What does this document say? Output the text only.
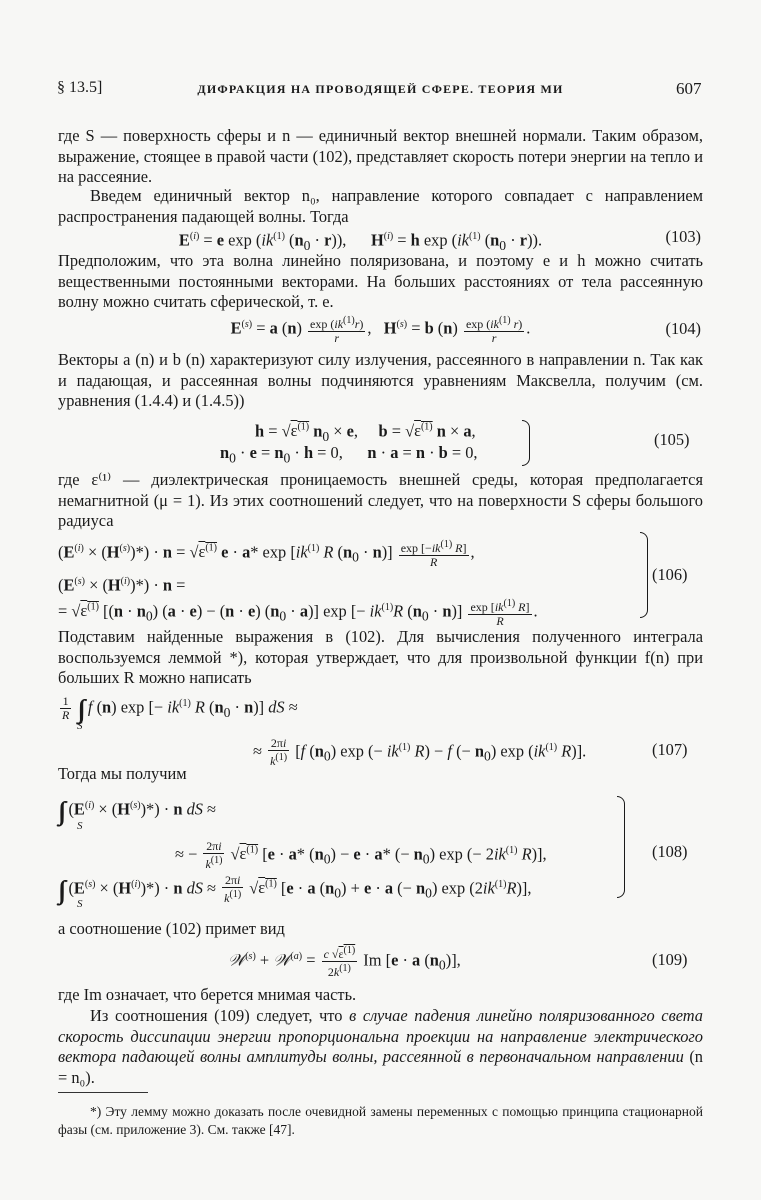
§ 13.5]	ДИФРАКЦИЯ НА ПРОВОДЯЩЕЙ СФЕРЕ. ТЕОРИЯ МИ	607

где S — поверхность сферы и n — единичный вектор внешней нормали. Таким образом, выражение, стоящее в правой части (102), представляет скорость потери энергии на тепло и на рассеяние.

Введем единичный вектор n₀, направление которого совпадает с направлением распространения падающей волны. Тогда

$E^{(i)} = e$ $\exp (ik^{(1)}$ $(n_0 \cdot r)$),      $H^{(i)} = h$ $\exp (ik^{(1)}$ $(n_0 \cdot r)$).	(103)

Предположим, что эта волна линейно поляризована, и поэтому e и h можно считать вещественными постоянными векторами. На больших расстояниях от тела рассеянную волну можно считать сферической, т. е.

$E^{(s)} = a$ $(n) \frac{\exp (ik^{(1)}r)}{r}$ ,   $H^{(s)} = b$ $(n) \frac{\exp (ik^{(1)} r)}{r}$ .	(104)

Векторы a (n) и b (n) характеризуют силу излучения, рассеянного в направлении n. Так как и падающая, и рассеянная волны подчиняются уравнениям Максвелла, получим (см. уравнения (1.4.4) и (1.4.5))

$h = √\varepsilon^{(1)}$ $n_0 \times e$,     $b = √\varepsilon^{(1)}$ n × a,
$n_0 \cdot e = n_0 \cdot h = 0$,      n · a = n · b = 0,
(105)

где ε⁽¹⁾ — диэлектрическая проницаемость внешней среды, которая предполагается немагнитной (μ = 1). Из этих соотношений следует, что на поверхности S сферы большого радиуса

$(E^{(i)} \times (H^{(s)})*) \cdot n = √\varepsilon^{(1)}$ e · a* $\exp [ik^{(1)}$ R $(n_0 \cdot n)] \frac{\exp [-ik^{(1)} R]}{R}$ ,
$(E^{(s)} \times (H^{(i)})*) \cdot n$ =
= $√\varepsilon^{(1)}$ [$(n \cdot n_0)$ (a · e) − (n · e) $(n_0 \cdot a)$] exp [− $ik^{(1)}R$ $(n_0 \cdot n)] \frac{\exp [ik^{(1)} R]}{R}$ .
(106)

Подставим найденные выражения в (102). Для вычисления полученного интеграла воспользуемся леммой *), которая утверждает, что для произвольной функции f(n) при больших R можно написать

$\frac{1}{R}$ ∫∫ f (n) exp [− $ik^{(1)}$ R $(n_0 \cdot n)$] dS ≈
S
≈ $\frac{2\pi i}{k^{(1)}} [f$ $(n_0)$ exp (− $ik^{(1)}$ R) − f (− $n_0$) $\exp (ik^{(1)}$ R)].	(107)

Тогда мы получим

∫∫  $(E^{(i)} \times (H^{(s)})*) \cdot n$ dS ≈
S
≈ − $\frac{2\pi i}{k^{(1)}} √\varepsilon^{(1)}$ [e · a* $(n_0) - e \cdot a*$ (− $n_0$) exp (− $2ik^{(1)}$ R)],
∫∫  $(E^{(s)} \times (H^{(i)})*) \cdot n$ dS ≈ $\frac{2\pi i}{k^{(1)}} √\varepsilon^{(1)}$ [e · a $(n_0) + e \cdot a$ (− $n_0$) $\exp (2ik^{(1)}R)$],
S
(108)

а соотношение (102) примет вид

𝒲$^{(s)}$ + 𝒲$^{(a)}$ = $\frac{c √\varepsilon^{(1)}}{2k^{(1)}}$ Im [e · a $(n_0)$],	(109)

где Im означает, что берется мнимая часть.

Из соотношения (109) следует, что в случае падения линейно поляризованного света скорость диссипации энергии пропорциональна проекции на направление электрического вектора падающей волны амплитуды волны, рассеянной в первоначальном направлении (n = n₀).

*) Эту лемму можно доказать после очевидной замены переменных с помощью принципа стационарной фазы (см. приложение 3). См. также [47].
